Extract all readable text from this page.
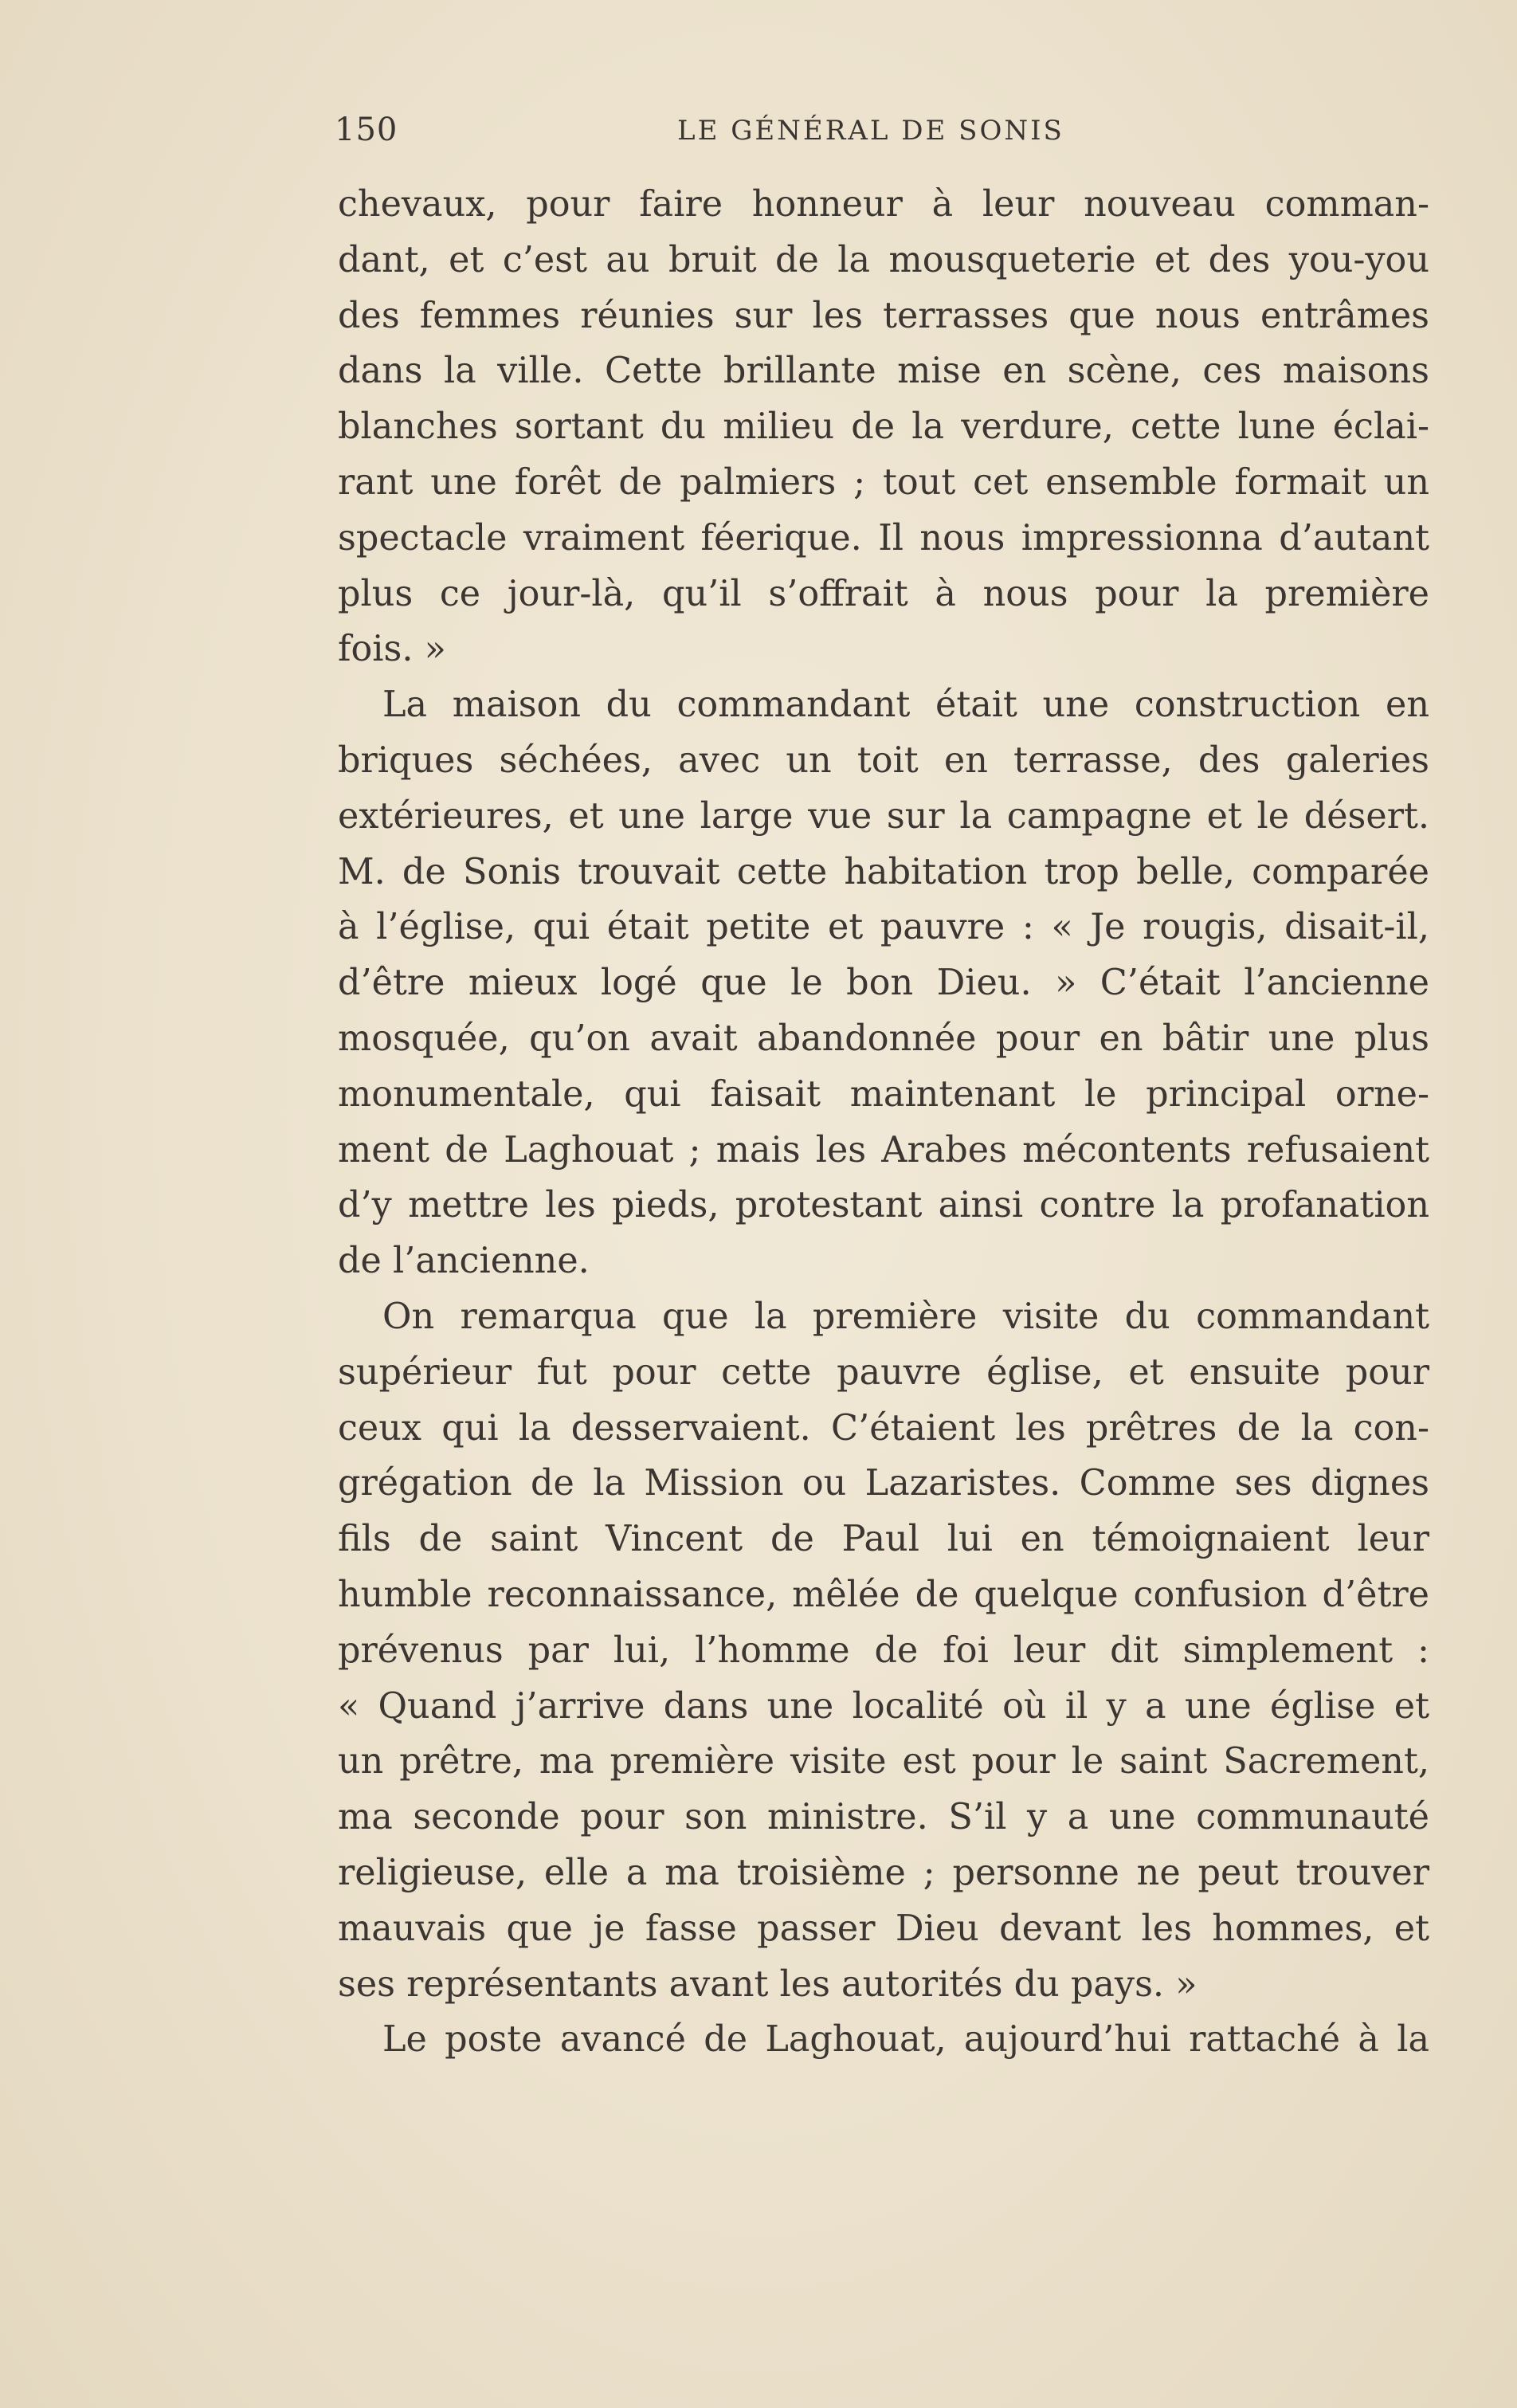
150	LE GÉNÉRAL DE SONIS
chevaux, pour faire honneur à leur nouveau comman-
dant, et c’est au bruit de la mousqueterie et des you-you
des femmes réunies sur les terrasses que nous entrâmes
dans la ville. Cette brillante mise en scène, ces maisons
blanches sortant du milieu de la verdure, cette lune éclai-
rant une forêt de palmiers ; tout cet ensemble formait un
spectacle vraiment féerique. Il nous impressionna d’autant
plus ce jour-là, qu’il s’offrait à nous pour la première
fois. »
La maison du commandant était une construction en
briques séchées, avec un toit en terrasse, des galeries
extérieures, et une large vue sur la campagne et le désert.
M. de Sonis trouvait cette habitation trop belle, comparée
à l’église, qui était petite et pauvre : « Je rougis, disait-il,
d’être mieux logé que le bon Dieu. » C’était l’ancienne
mosquée, qu’on avait abandonnée pour en bâtir une plus
monumentale, qui faisait maintenant le principal orne-
ment de Laghouat ; mais les Arabes mécontents refusaient
d’y mettre les pieds, protestant ainsi contre la profanation
de l’ancienne.
On remarqua que la première visite du commandant
supérieur fut pour cette pauvre église, et ensuite pour
ceux qui la desservaient. C’étaient les prêtres de la con-
grégation de la Mission ou Lazaristes. Comme ses dignes
fils de saint Vincent de Paul lui en témoignaient leur
humble reconnaissance, mêlée de quelque confusion d’être
prévenus par lui, l’homme de foi leur dit simplement :
« Quand j’arrive dans une localité où il y a une église et
un prêtre, ma première visite est pour le saint Sacrement,
ma seconde pour son ministre. S’il y a une communauté
religieuse, elle a ma troisième ; personne ne peut trouver
mauvais que je fasse passer Dieu devant les hommes, et
ses représentants avant les autorités du pays. »
Le poste avancé de Laghouat, aujourd’hui rattaché à la
